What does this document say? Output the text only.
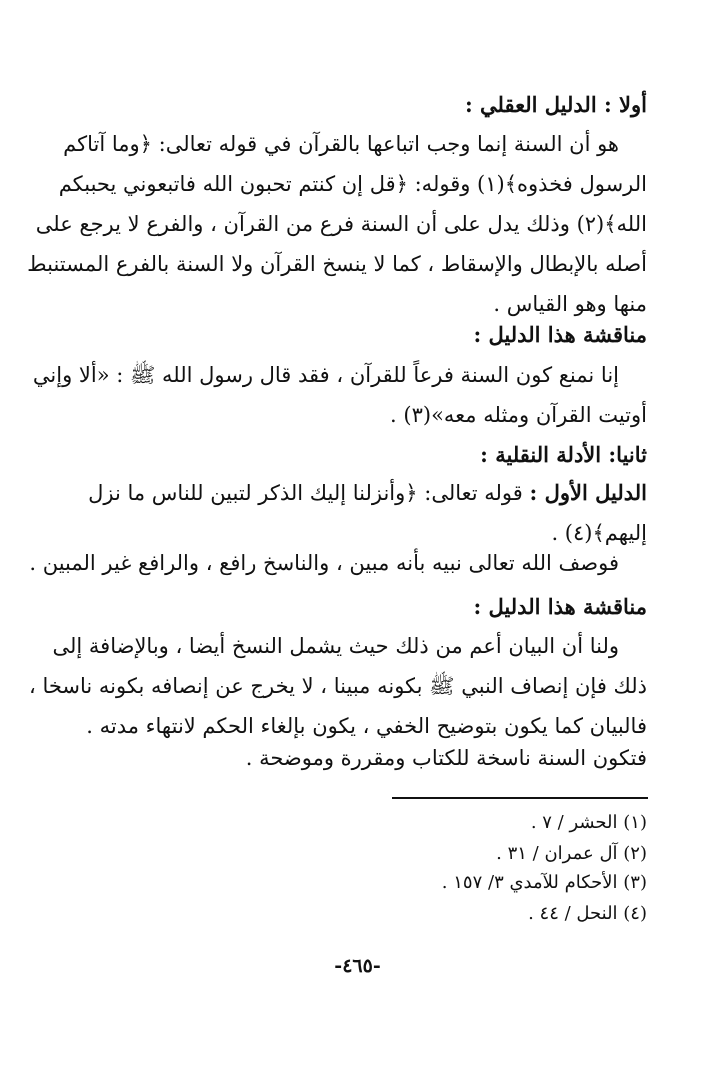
أولا : الدليل العقلي :
هو أن السنة إنما وجب اتباعها بالقرآن في قوله تعالى: ﴿وما آتاكم
الرسول فخذوه﴾(١) وقوله: ﴿قل إن كنتم تحبون الله فاتبعوني يحببكم
الله﴾(٢) وذلك يدل على أن السنة فرع من القرآن ، والفرع لا يرجع على
أصله بالإبطال والإسقاط ، كما لا ينسخ القرآن ولا السنة بالفرع المستنبط
منها وهو القياس .
مناقشة هذا الدليل :
إنا نمنع كون السنة فرعاً للقرآن ، فقد قال رسول الله ﷺ : «ألا وإني
أوتيت القرآن ومثله معه»(٣) .
ثانيا: الأدلة النقلية :
الدليل الأول : قوله تعالى: ﴿وأنزلنا إليك الذكر لتبين للناس ما نزل
إليهم﴾(٤) .
فوصف الله تعالى نبيه بأنه مبين ، والناسخ رافع ، والرافع غير المبين .
مناقشة هذا الدليل :
ولنا أن البيان أعم من ذلك حيث يشمل النسخ أيضا ، وبالإضافة إلى
ذلك فإن إنصاف النبي ﷺ بكونه مبينا ، لا يخرج عن إنصافه بكونه ناسخا ،
فالبيان كما يكون بتوضيح الخفي ، يكون بإلغاء الحكم لانتهاء مدته .
فتكون السنة ناسخة للكتاب ومقررة وموضحة .
(١) الحشر / ٧ .
(٢) آل عمران / ٣١ .
(٣) الأحكام للآمدي ٣/ ١٥٧ .
(٤) النحل / ٤٤ .
-٤٦٥-
